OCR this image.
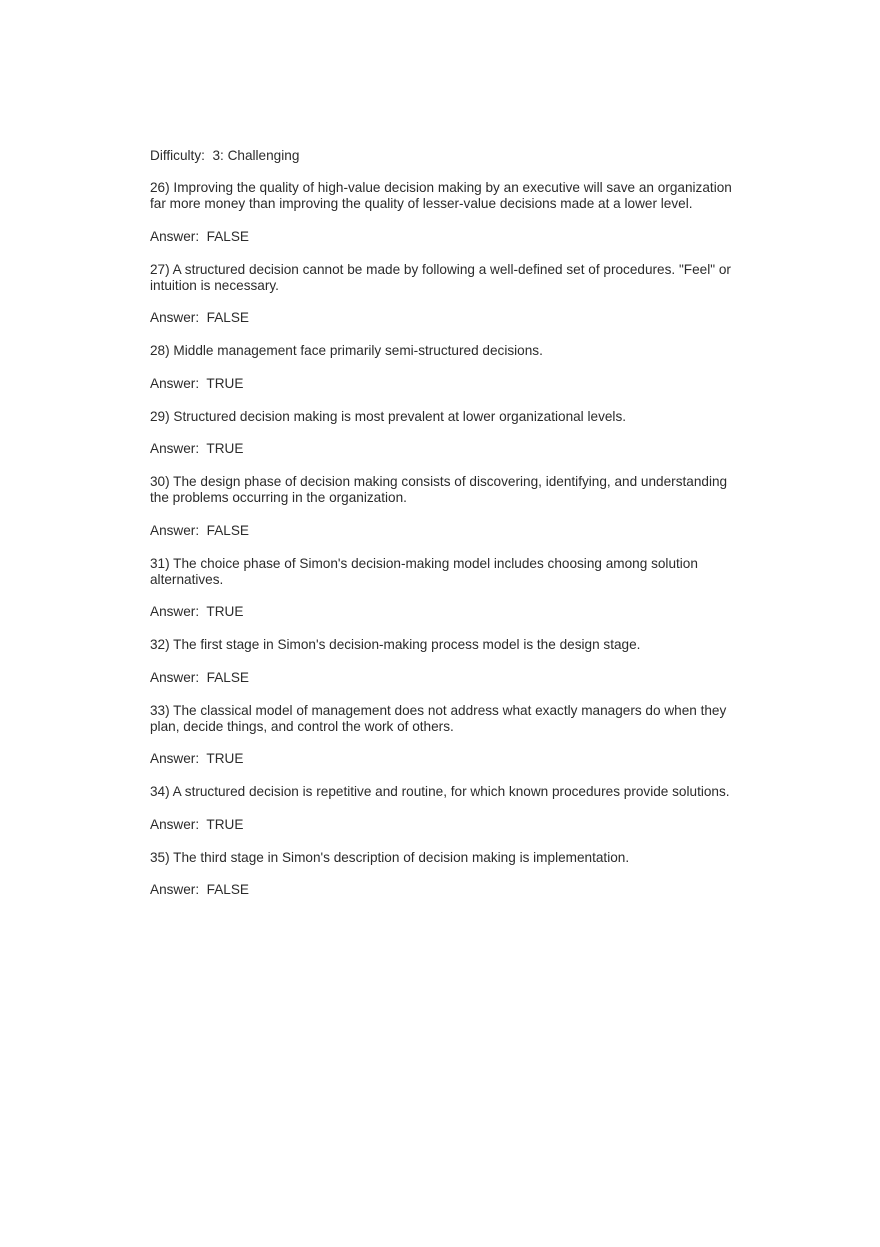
Difficulty: 3: Challenging
26) Improving the quality of high-value decision making by an executive will save an organization far more money than improving the quality of lesser-value decisions made at a lower level.
Answer: FALSE
27) A structured decision cannot be made by following a well-defined set of procedures. "Feel" or intuition is necessary.
Answer: FALSE
28) Middle management face primarily semi-structured decisions.
Answer: TRUE
29) Structured decision making is most prevalent at lower organizational levels.
Answer: TRUE
30) The design phase of decision making consists of discovering, identifying, and understanding the problems occurring in the organization.
Answer: FALSE
31) The choice phase of Simon's decision-making model includes choosing among solution alternatives.
Answer: TRUE
32) The first stage in Simon's decision-making process model is the design stage.
Answer: FALSE
33) The classical model of management does not address what exactly managers do when they plan, decide things, and control the work of others.
Answer: TRUE
34) A structured decision is repetitive and routine, for which known procedures provide solutions.
Answer: TRUE
35) The third stage in Simon's description of decision making is implementation.
Answer: FALSE
